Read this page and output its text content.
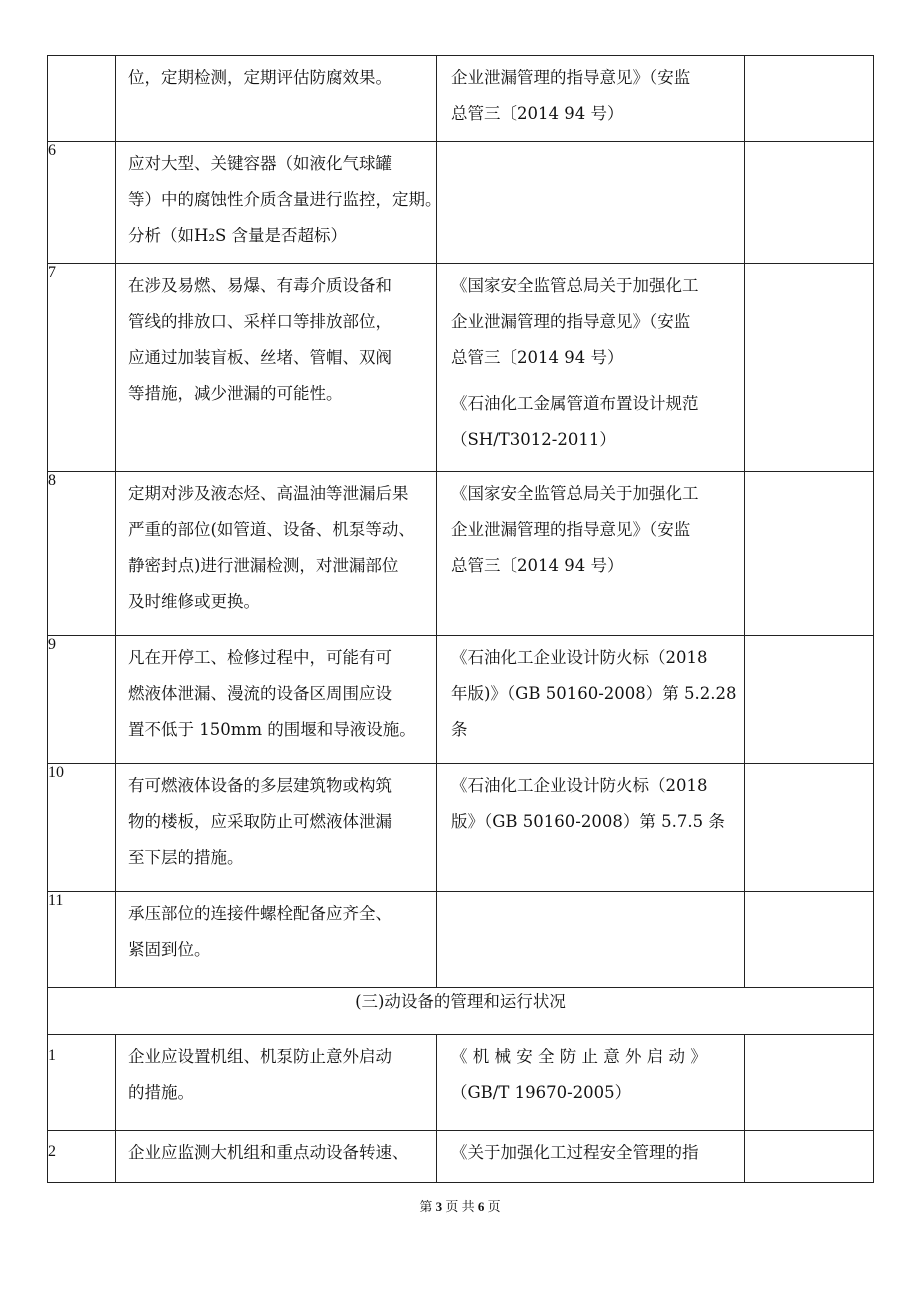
	位，定期检测，定期评估防腐效果。	企业泄漏管理的指导意见》（安监
总管三〔2014 94 号）	

6	应对大型、关键容器（如液化气球罐
等）中的腐蚀性介质含量进行监控，定期。
分析（如H₂S 含量是否超标）		

7	在涉及易燃、易爆、有毒介质设备和
管线的排放口、采样口等排放部位，
应通过加装盲板、丝堵、管帽、双阀
等措施，减少泄漏的可能性。	《国家安全监管总局关于加强化工
企业泄漏管理的指导意见》（安监
总管三〔2014 94 号）
《石油化工金属管道布置设计规范
（SH/T3012-2011）	

8	定期对涉及液态烃、高温油等泄漏后果
严重的部位(如管道、设备、机泵等动、
静密封点)进行泄漏检测，对泄漏部位
及时维修或更换。	《国家安全监管总局关于加强化工
企业泄漏管理的指导意见》（安监
总管三〔2014 94 号）	

9	凡在开停工、检修过程中，可能有可
燃液体泄漏、漫流的设备区周围应设
置不低于 150mm 的围堰和导液设施。	《石油化工企业设计防火标（2018
年版)》（GB 50160-2008）第 5.2.28
条	

10	有可燃液体设备的多层建筑物或构筑
物的楼板，应采取防止可燃液体泄漏
至下层的措施。	《石油化工企业设计防火标（2018
版》（GB 50160-2008）第 5.7.5 条	

11	承压部位的连接件螺栓配备应齐全、
紧固到位。		

(三)动设备的管理和运行状况			
1	企业应设置机组、机泵防止意外启动
的措施。	《 机 械 安 全 防 止 意 外 启 动 》
（GB/T 19670-2005）	

2	企业应监测大机组和重点动设备转速、	《关于加强化工过程安全管理的指	

第 3 页 共 6 页
